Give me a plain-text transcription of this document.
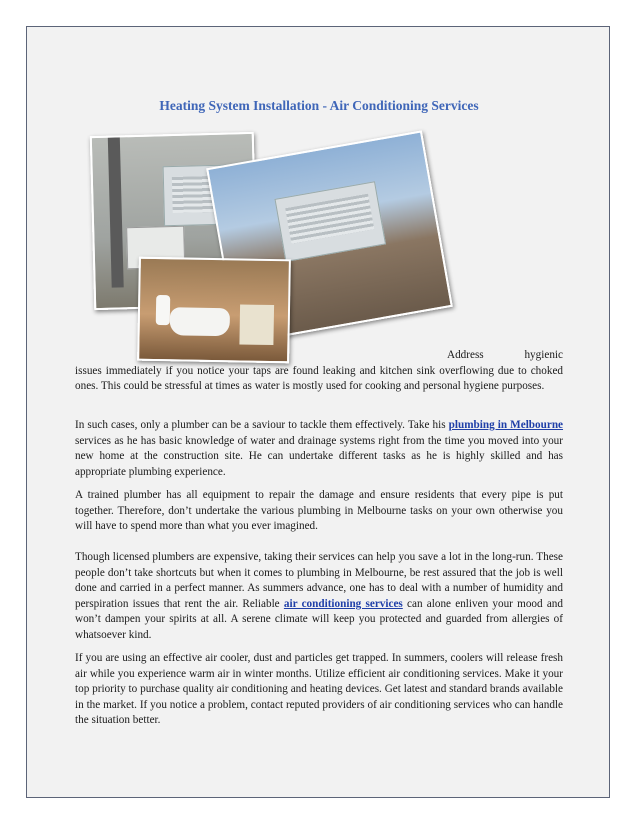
Heating System Installation - Air Conditioning Services

Address hygienic
issues immediately if you notice your taps are found leaking and kitchen sink overflowing due to choked ones. This could be stressful at times as water is mostly used for cooking and personal hygiene purposes.

In such cases, only a plumber can be a saviour to tackle them effectively. Take his plumbing in Melbourne services as he has basic knowledge of water and drainage systems right from the time you moved into your new home at the construction site. He can undertake different tasks as he is highly skilled and has appropriate plumbing experience.

A trained plumber has all equipment to repair the damage and ensure residents that every pipe is put together. Therefore, don’t undertake the various plumbing in Melbourne tasks on your own otherwise you will have to spend more than what you ever imagined.

Though licensed plumbers are expensive, taking their services can help you save a lot in the long-run. These people don’t take shortcuts but when it comes to plumbing in Melbourne, be rest assured that the job is well done and carried in a perfect manner. As summers advance, one has to deal with a number of humidity and perspiration issues that rent the air. Reliable air conditioning services can alone enliven your mood and won’t dampen your spirits at all. A serene climate will keep you protected and guarded from allergies of whatsoever kind.

If you are using an effective air cooler, dust and particles get trapped. In summers, coolers will release fresh air while you experience warm air in winter months. Utilize efficient air conditioning services. Make it your top priority to purchase quality air conditioning and heating devices. Get latest and standard brands available in the market. If you notice a problem, contact reputed providers of air conditioning services who can handle the situation better.
